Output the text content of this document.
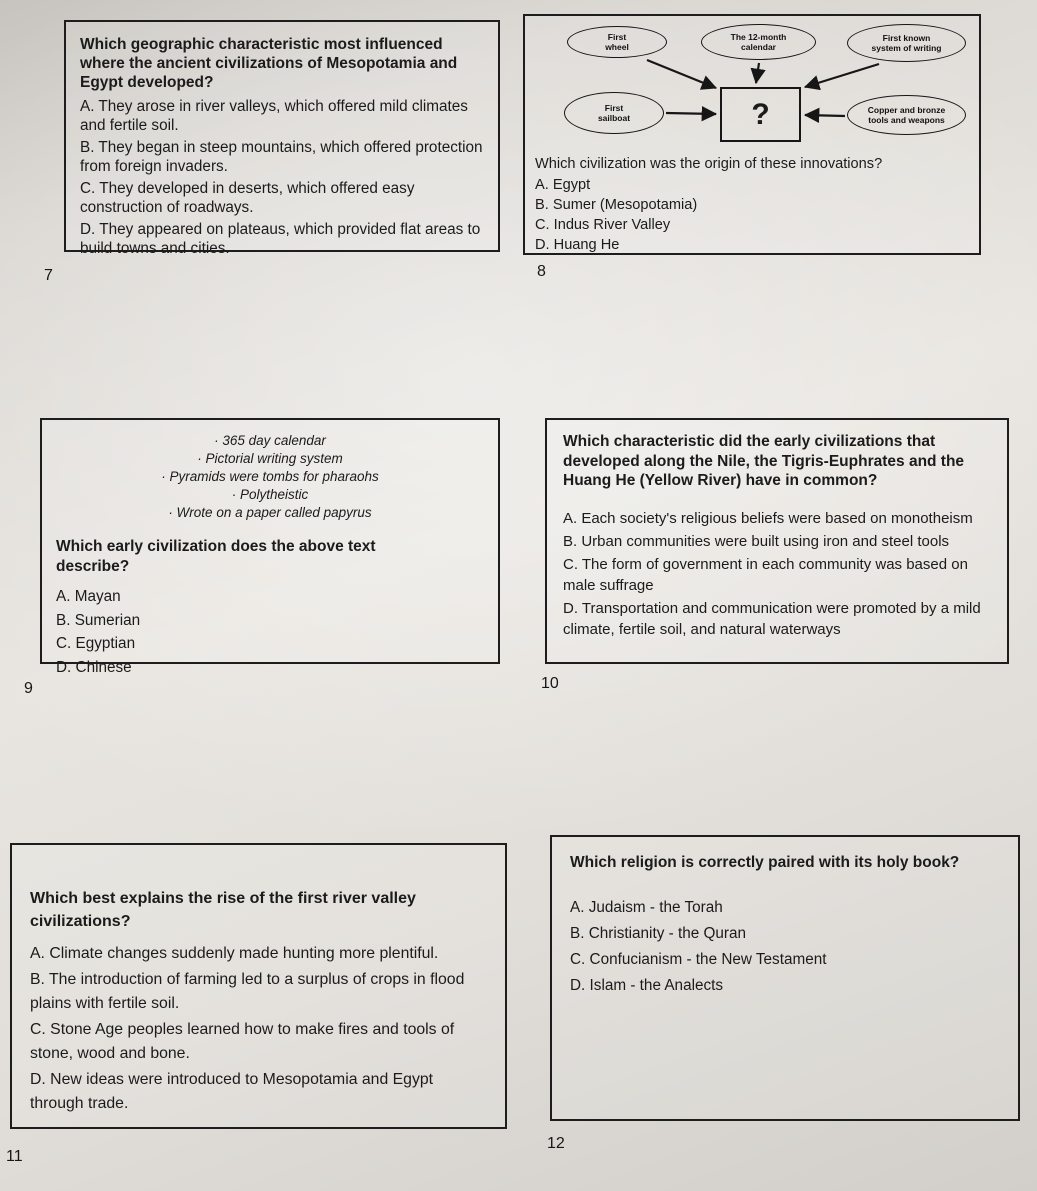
Which geographic characteristic most influenced where the ancient civilizations of Mesopotamia and Egypt developed?
A. They arose in river valleys, which offered mild climates and fertile soil.
B. They began in steep mountains, which offered protection from foreign invaders.
C. They developed in deserts, which offered easy construction of roadways.
D. They appeared on plateaus, which provided flat areas to build towns and cities.
7
First wheel
The 12-month calendar
First known system of writing
First sailboat
Copper and bronze tools and weapons
?
Which civilization was the origin of these innovations?
A. Egypt
B. Sumer (Mesopotamia)
C. Indus River Valley
D. Huang He
8
· 365 day calendar
· Pictorial writing system
· Pyramids were tombs for pharaohs
· Polytheistic
· Wrote on a paper called papyrus
Which early civilization does the above text describe?
A. Mayan
B. Sumerian
C. Egyptian
D. Chinese
9
Which characteristic did the early civilizations that developed along the Nile, the Tigris-Euphrates and the Huang He (Yellow River) have in common?
A. Each society's religious beliefs were based on monotheism
B. Urban communities were built using iron and steel tools
C. The form of government in each community was based on male suffrage
D. Transportation and communication were promoted by a mild climate, fertile soil, and natural waterways
10
Which best explains the rise of the first river valley civilizations?
A. Climate changes suddenly made hunting more plentiful.
B. The introduction of farming led to a surplus of crops in flood plains with fertile soil.
C. Stone Age peoples learned how to make fires and tools of stone, wood and bone.
D. New ideas were introduced to Mesopotamia and Egypt through trade.
11
Which religion is correctly paired with its holy book?
A. Judaism - the Torah
B. Christianity - the Quran
C. Confucianism - the New Testament
D. Islam - the Analects
12
